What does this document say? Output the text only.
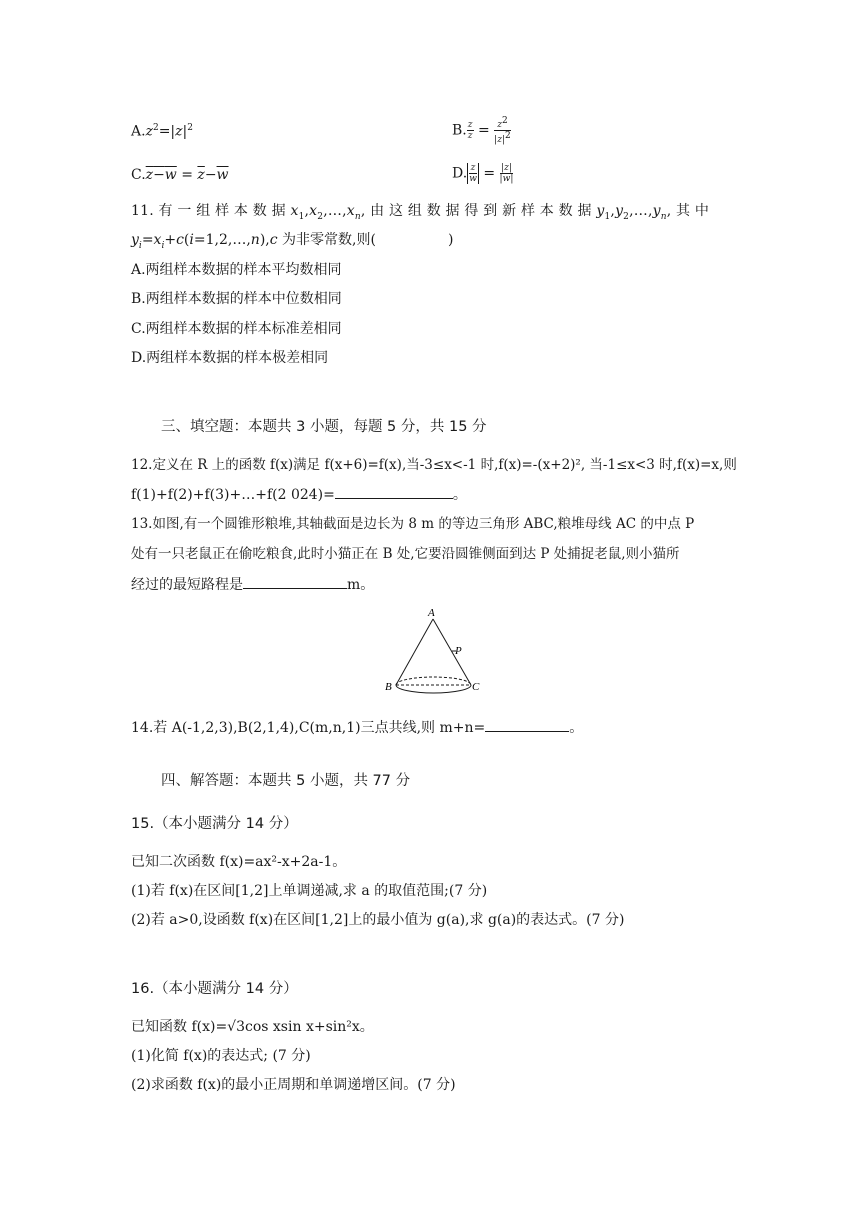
$A.z^2=|z|^2$	B. $\frac{z}{z} = \frac{z^2}{|z|^2}$
$C.z-w = \overline{z}-\overline{w}$	D. $\frac{z}{w} = \frac{|z|}{|w|}$
11. 有 一 组 样 本 数 据 $x_1,x_2,\dots,x_n$, 由 这 组 数 据 得 到 新 样 本 数 据 $y_1,y_2,\dots,y_n$, 其 中
$y_i=x_i+c(i=1,2,\dots,n),c$ 为非零常数,则(	)
A.两组样本数据的样本平均数相同
B.两组样本数据的样本中位数相同
C.两组样本数据的样本标准差相同
D.两组样本数据的样本极差相同
三、填空题：本题共 3 小题，每题 5 分，共 15 分
12.定义在 R 上的函数 f(x)满足 f(x+6)=f(x),当-3≤x<-1 时,f(x)=-(x+2)², 当-1≤x<3 时,f(x)=x,则
f(1)+f(2)+f(3)+…+f(2 024)=	。
13.如图,有一个圆锥形粮堆,其轴截面是边长为 8 m 的等边三角形 ABC,粮堆母线 AC 的中点 P
处有一只老鼠正在偷吃粮食,此时小猫正在 B 处,它要沿圆锥侧面到达 P 处捕捉老鼠,则小猫所
经过的最短路程是	m。
A
P
B	C
14.若 A(-1,2,3),B(2,1,4),C(m,n,1)三点共线,则 m+n=	。
四、解答题：本题共 5 小题，共 77 分
15.（本小题满分 14 分）
已知二次函数 f(x)=ax²-x+2a-1。
(1)若 f(x)在区间[1,2]上单调递减,求 a 的取值范围;(7 分)
(2)若 a>0,设函数 f(x)在区间[1,2]上的最小值为 g(a),求 g(a)的表达式。(7 分)
16.（本小题满分 14 分）
已知函数 f(x)=√3cos xsin x+sin²x。
(1)化简 f(x)的表达式; (7 分)
(2)求函数 f(x)的最小正周期和单调递增区间。(7 分)
